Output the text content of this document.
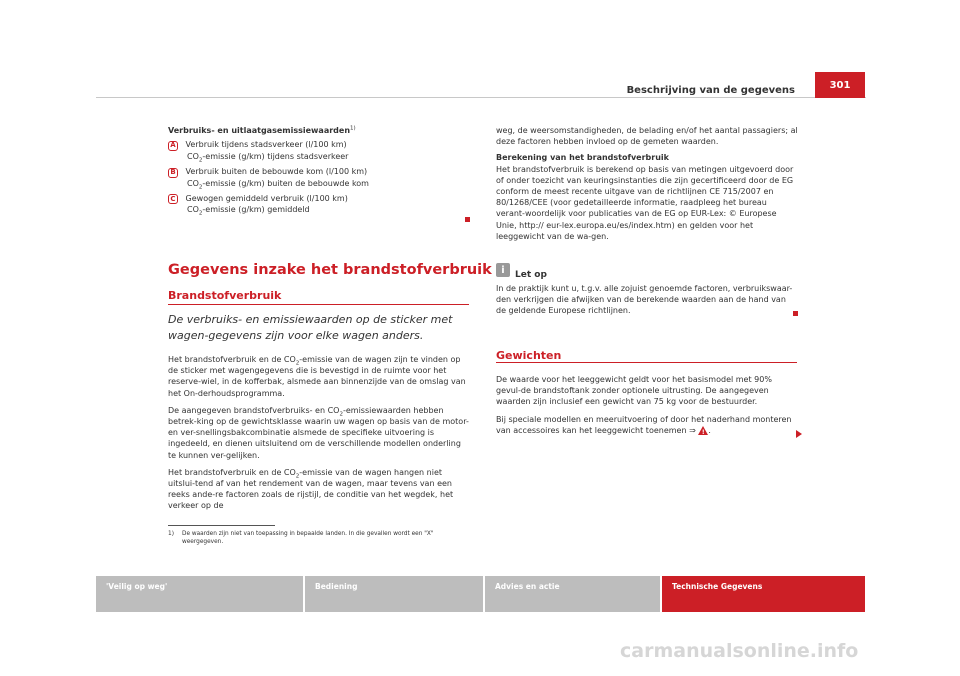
Beschrijving van de gegevens	301
Verbruiks- en uitlaatgasemissiewaarden$^{1)}$
A Verbruik tijdens stadsverkeer (l/100 km)
$CO_2$-emissie (g/km) tijdens stadsverkeer
B Verbruik buiten de bebouwde kom (l/100 km)
$CO_2$-emissie (g/km) buiten de bebouwde kom
C Gewogen gemiddeld verbruik (l/100 km)
$CO_2$-emissie (g/km) gemiddeld
Gegevens inzake het brandstofverbruik
Brandstofverbruik
De verbruiks- en emissiewaarden op de sticker met wagen-gegevens zijn voor elke wagen anders.

Het brandstofverbruik en de $CO_2$-emissie van de wagen zijn te vinden op de sticker met wagengegevens die is bevestigd in de ruimte voor het reserve-wiel, in de kofferbak, alsmede aan binnenzijde van de omslag van het On-derhoudsprogramma.

De aangegeven brandstofverbruiks- en $CO_2$-emissiewaarden hebben betrek-king op de gewichtsklasse waarin uw wagen op basis van de motor- en ver-snellingsbakcombinatie alsmede de specifieke uitvoering is ingedeeld, en dienen uitsluitend om de verschillende modellen onderling te kunnen ver-gelijken.

Het brandstofverbruik en de $CO_2$-emissie van de wagen hangen niet uitslui-tend af van het rendement van de wagen, maar tevens van een reeks ande-re factoren zoals de rijstijl, de conditie van het wegdek, het verkeer op de

1)	De waarden zijn niet van toepassing in bepaalde landen. In die gevallen wordt een "X" weergegeven.

weg, de weersomstandigheden, de belading en/of het aantal passagiers; al deze factoren hebben invloed op de gemeten waarden.

Berekening van het brandstofverbruik

Het brandstofverbruik is berekend op basis van metingen uitgevoerd door of onder toezicht van keuringsinstanties die zijn gecertificeerd door de EG conform de meest recente uitgave van de richtlijnen CE 715/2007 en 80/1268/CEE (voor gedetailleerde informatie, raadpleeg het bureau verant-woordelijk voor publicaties van de EG op EUR-Lex: © Europese Unie, http:// eur-lex.europa.eu/es/index.htm) en gelden voor het leeggewicht van de wa-gen.

i	Let op
In de praktijk kunt u, t.g.v. alle zojuist genoemde factoren, verbruikswaar-den verkrijgen die afwijken van de berekende waarden aan de hand van de geldende Europese richtlijnen.
Gewichten

De waarde voor het leeggewicht geldt voor het basismodel met 90% gevul-de brandstoftank zonder optionele uitrusting. De aangegeven waarden zijn inclusief een gewicht van 75 kg voor de bestuurder.

Bij speciale modellen en meeruitvoering of door het naderhand monteren van accessoires kan het leeggewicht toenemen ⇒ ! .

'Veilig op weg'	Bediening	Advies en actie	Technische Gegevens
carmanualsonline.info
